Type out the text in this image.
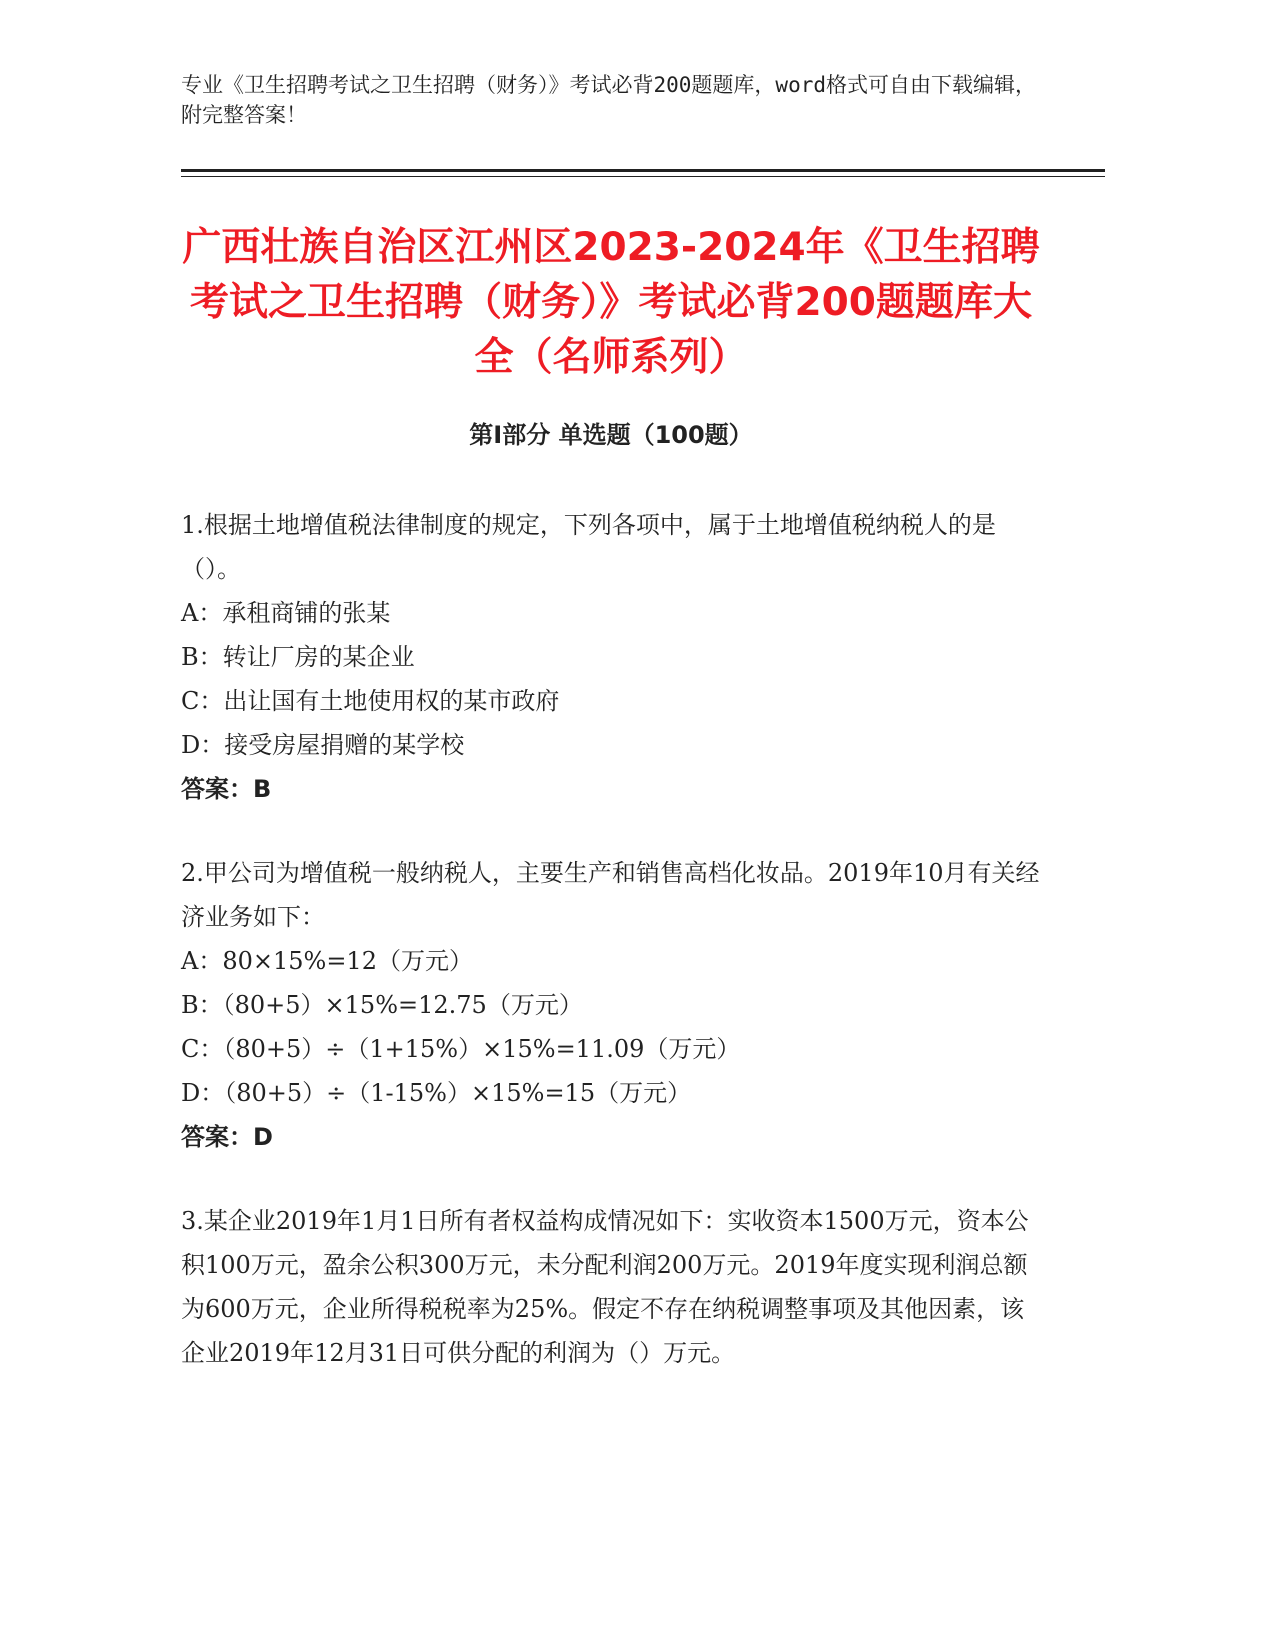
专业《卫生招聘考试之卫生招聘（财务）》考试必背200题题库，word格式可自由下载编辑，附完整答案！
广西壮族自治区江州区2023-2024年《卫生招聘考试之卫生招聘（财务）》考试必背200题题库大全（名师系列）
第Ⅰ部分 单选题（100题）
1.根据土地增值税法律制度的规定，下列各项中，属于土地增值税纳税人的是（）。
A：承租商铺的张某
B：转让厂房的某企业
C：出让国有土地使用权的某市政府
D：接受房屋捐赠的某学校
答案：B
2.甲公司为增值税一般纳税人，主要生产和销售高档化妆品。2019年10月有关经济业务如下：
A：80×15%=12（万元）
B：（80+5）×15%=12.75（万元）
C：（80+5）÷（1+15%）×15%=11.09（万元）
D：（80+5）÷（1-15%）×15%=15（万元）
答案：D
3.某企业2019年1月1日所有者权益构成情况如下：实收资本1500万元，资本公积100万元，盈余公积300万元，未分配利润200万元。2019年度实现利润总额为600万元，企业所得税税率为25%。假定不存在纳税调整事项及其他因素，该企业2019年12月31日可供分配的利润为（）万元。
